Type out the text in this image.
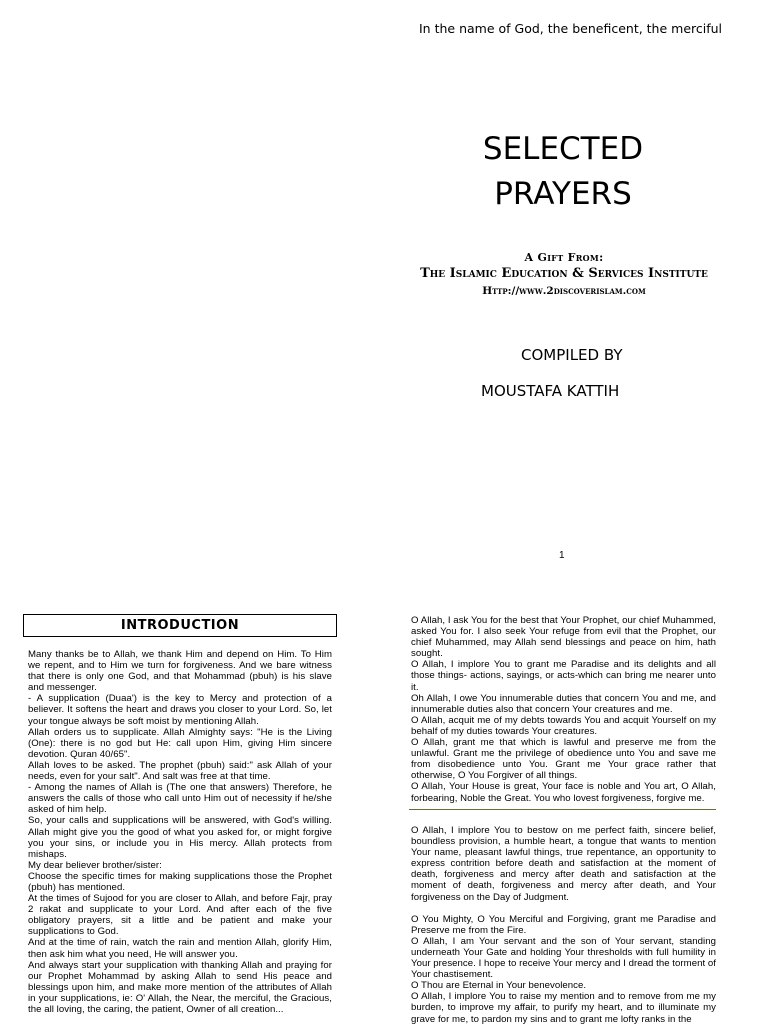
In the name of God, the beneficent, the merciful
SELECTED
PRAYERS
A Gift From:
The Islamic Education & Services Institute
Http://www.2discoverislam.com
COMPILED BY
MOUSTAFA KATTIH
1
INTRODUCTION

Many thanks be to Allah, we thank Him and depend on Him. To Him we repent, and to Him we turn for forgiveness. And we bare witness that there is only one God, and that Mohammad (pbuh) is his slave and messenger.

- A supplication (Duaa') is the key to Mercy and protection of a believer. It softens the heart and draws you closer to your Lord. So, let your tongue always be soft moist by mentioning Allah.

Allah orders us to supplicate. Allah Almighty says: "He is the Living (One): there is no god but He: call upon Him, giving Him sincere devotion. Quran 40/65".

Allah loves to be asked. The prophet (pbuh) said:" ask Allah of your needs, even for your salt". And salt was free at that time.

- Among the names of Allah is (The one that answers) Therefore, he answers the calls of those who call unto Him out of necessity if he/she asked of him help.

So, your calls and supplications will be answered, with God's willing. Allah might give you the good of what you asked for, or might forgive you your sins, or include you in His mercy. Allah protects from mishaps.

My dear believer brother/sister:

Choose the specific times for making supplications those the Prophet (pbuh) has mentioned.

At the times of Sujood for you are closer to Allah, and before Fajr, pray 2 rakat and supplicate to your Lord. And after each of the five obligatory prayers, sit a little and be patient and make your supplications to God.

And at the time of rain, watch the rain and mention Allah, glorify Him, then ask him what you need, He will answer you.

And always start your supplication with thanking Allah and praying for our Prophet Mohammad by asking Allah to send His peace and blessings upon him, and make more mention of the attributes of Allah in your supplications, ie: O' Allah, the Near, the merciful, the Gracious, the all loving, the caring, the patient, Owner of all creation...

O Allah, I ask You for the best that Your Prophet, our chief Muhammed, asked You for. I also seek Your refuge from evil that the Prophet, our chief Muhammed, may Allah send blessings and peace on him, hath sought.

O Allah, I implore You to grant me Paradise and its delights and all those things- actions, sayings, or acts-which can bring me nearer unto it.

Oh Allah, I owe You innumerable duties that concern You and me, and innumerable duties also that concern Your creatures and me.

O Allah, acquit me of my debts towards You and acquit Yourself on my behalf of my duties towards Your creatures.

O Allah, grant me that which is lawful and preserve me from the unlawful. Grant me the privilege of obedience unto You and save me from disobedience unto You. Grant me Your grace rather that otherwise, O You Forgiver of all things.

O Allah, Your House is great, Your face is noble and You art, O Allah, forbearing, Noble the Great. You who lovest forgiveness, forgive me.

O Allah, I implore You to bestow on me perfect faith, sincere belief, boundless provision, a humble heart, a tongue that wants to mention Your name, pleasant lawful things, true repentance, an opportunity to express contrition before death and satisfaction at the moment of death, forgiveness and mercy after death and satisfaction at the moment of death, forgiveness and mercy after death, and Your forgiveness on the Day of Judgment.

O You Mighty, O You Merciful and Forgiving, grant me Paradise and Preserve me from the Fire.

O Allah, I am Your servant and the son of Your servant, standing underneath Your Gate and holding Your thresholds with full humility in Your presence. I hope to receive Your mercy and I dread the torment of Your chastisement.

O Thou are Eternal in Your benevolence.

O Allah, I implore You to raise my mention and to remove from me my burden, to improve my affair, to purify my heart, and to illuminate my grave for me, to pardon my sins and to grant me lofty ranks in the
